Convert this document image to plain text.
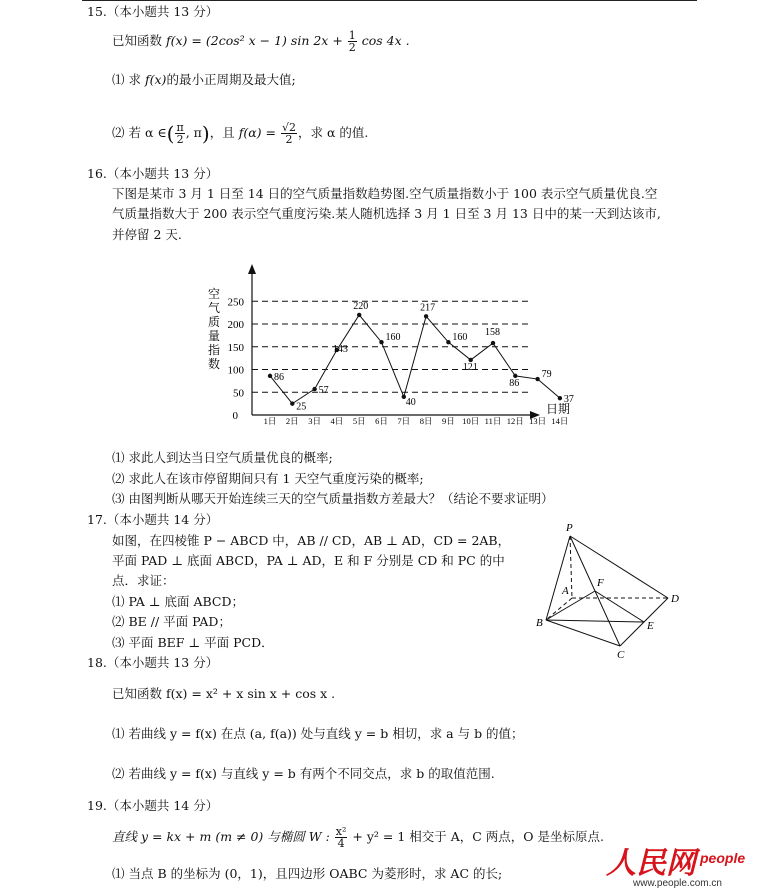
15.（本小题共 13 分）
已知函数 f(x) = (2cos² x − 1) $\sin 2x + \frac{1}{2}$ cos 4x .
⑴ 求 f(x)的最小正周期及最大值;
⑵ 若 α ∈( $\frac{\pi}{2}$ , π)，且 $f(\alpha) = \frac{√2}{2}$ ，求 α 的值.
16.（本小题共 13 分）
下图是某市 3 月 1 日至 14 日的空气质量指数趋势图.空气质量指数小于 100 表示空气质量优良.空
气质量指数大于 200 表示空气重度污染.某人随机选择 3 月 1 日至 3 月 13 日中的某一天到达该市,
并停留 2 天.
空
气
质
量
指
数
日期
0
50
100
150
200
250
1日 2日 3日 4日 5日 6日 7日 8日 9日 10日 11日 12日 13日 14日
86
25
57
143
220
160
40
217
160
121
158
86
79
37
⑴ 求此人到达当日空气质量优良的概率;
⑵ 求此人在该市停留期间只有 1 天空气重度污染的概率;
⑶ 由图判断从哪天开始连续三天的空气质量指数方差最大？（结论不要求证明）
17.（本小题共 14 分）
如图，在四棱锥 P − ABCD 中，AB // CD，AB ⊥ AD，CD = 2AB，
平面 PAD ⊥ 底面 ABCD，PA ⊥ AD，E 和 F 分别是 CD 和 PC 的中
点．求证：
⑴ PA ⊥ 底面 ABCD；
⑵ BE // 平面 PAD；
⑶ 平面 BEF ⊥ 平面 PCD．
P
A
F
D
B	E
C
18.（本小题共 13 分）
已知函数 f(x) = x² + x sin x + cos x .
⑴ 若曲线 y = f(x) 在点 (a, f(a)) 处与直线 y = b 相切，求 a 与 b 的值；
⑵ 若曲线 y = f(x) 与直线 y = b 有两个不同交点，求 b 的取值范围.
19.（本小题共 14 分）
直线 y = kx + m (m ≠ 0) 与椭圆 W : $\frac{\text{x²}}{4} + y^2 = 1$ 相交于 A，C 两点，O 是坐标原点.
⑴ 当点 B 的坐标为 (0，1)，且四边形 OABC 为菱形时，求 AC 的长;	人民网 people
www.people.com.cn
